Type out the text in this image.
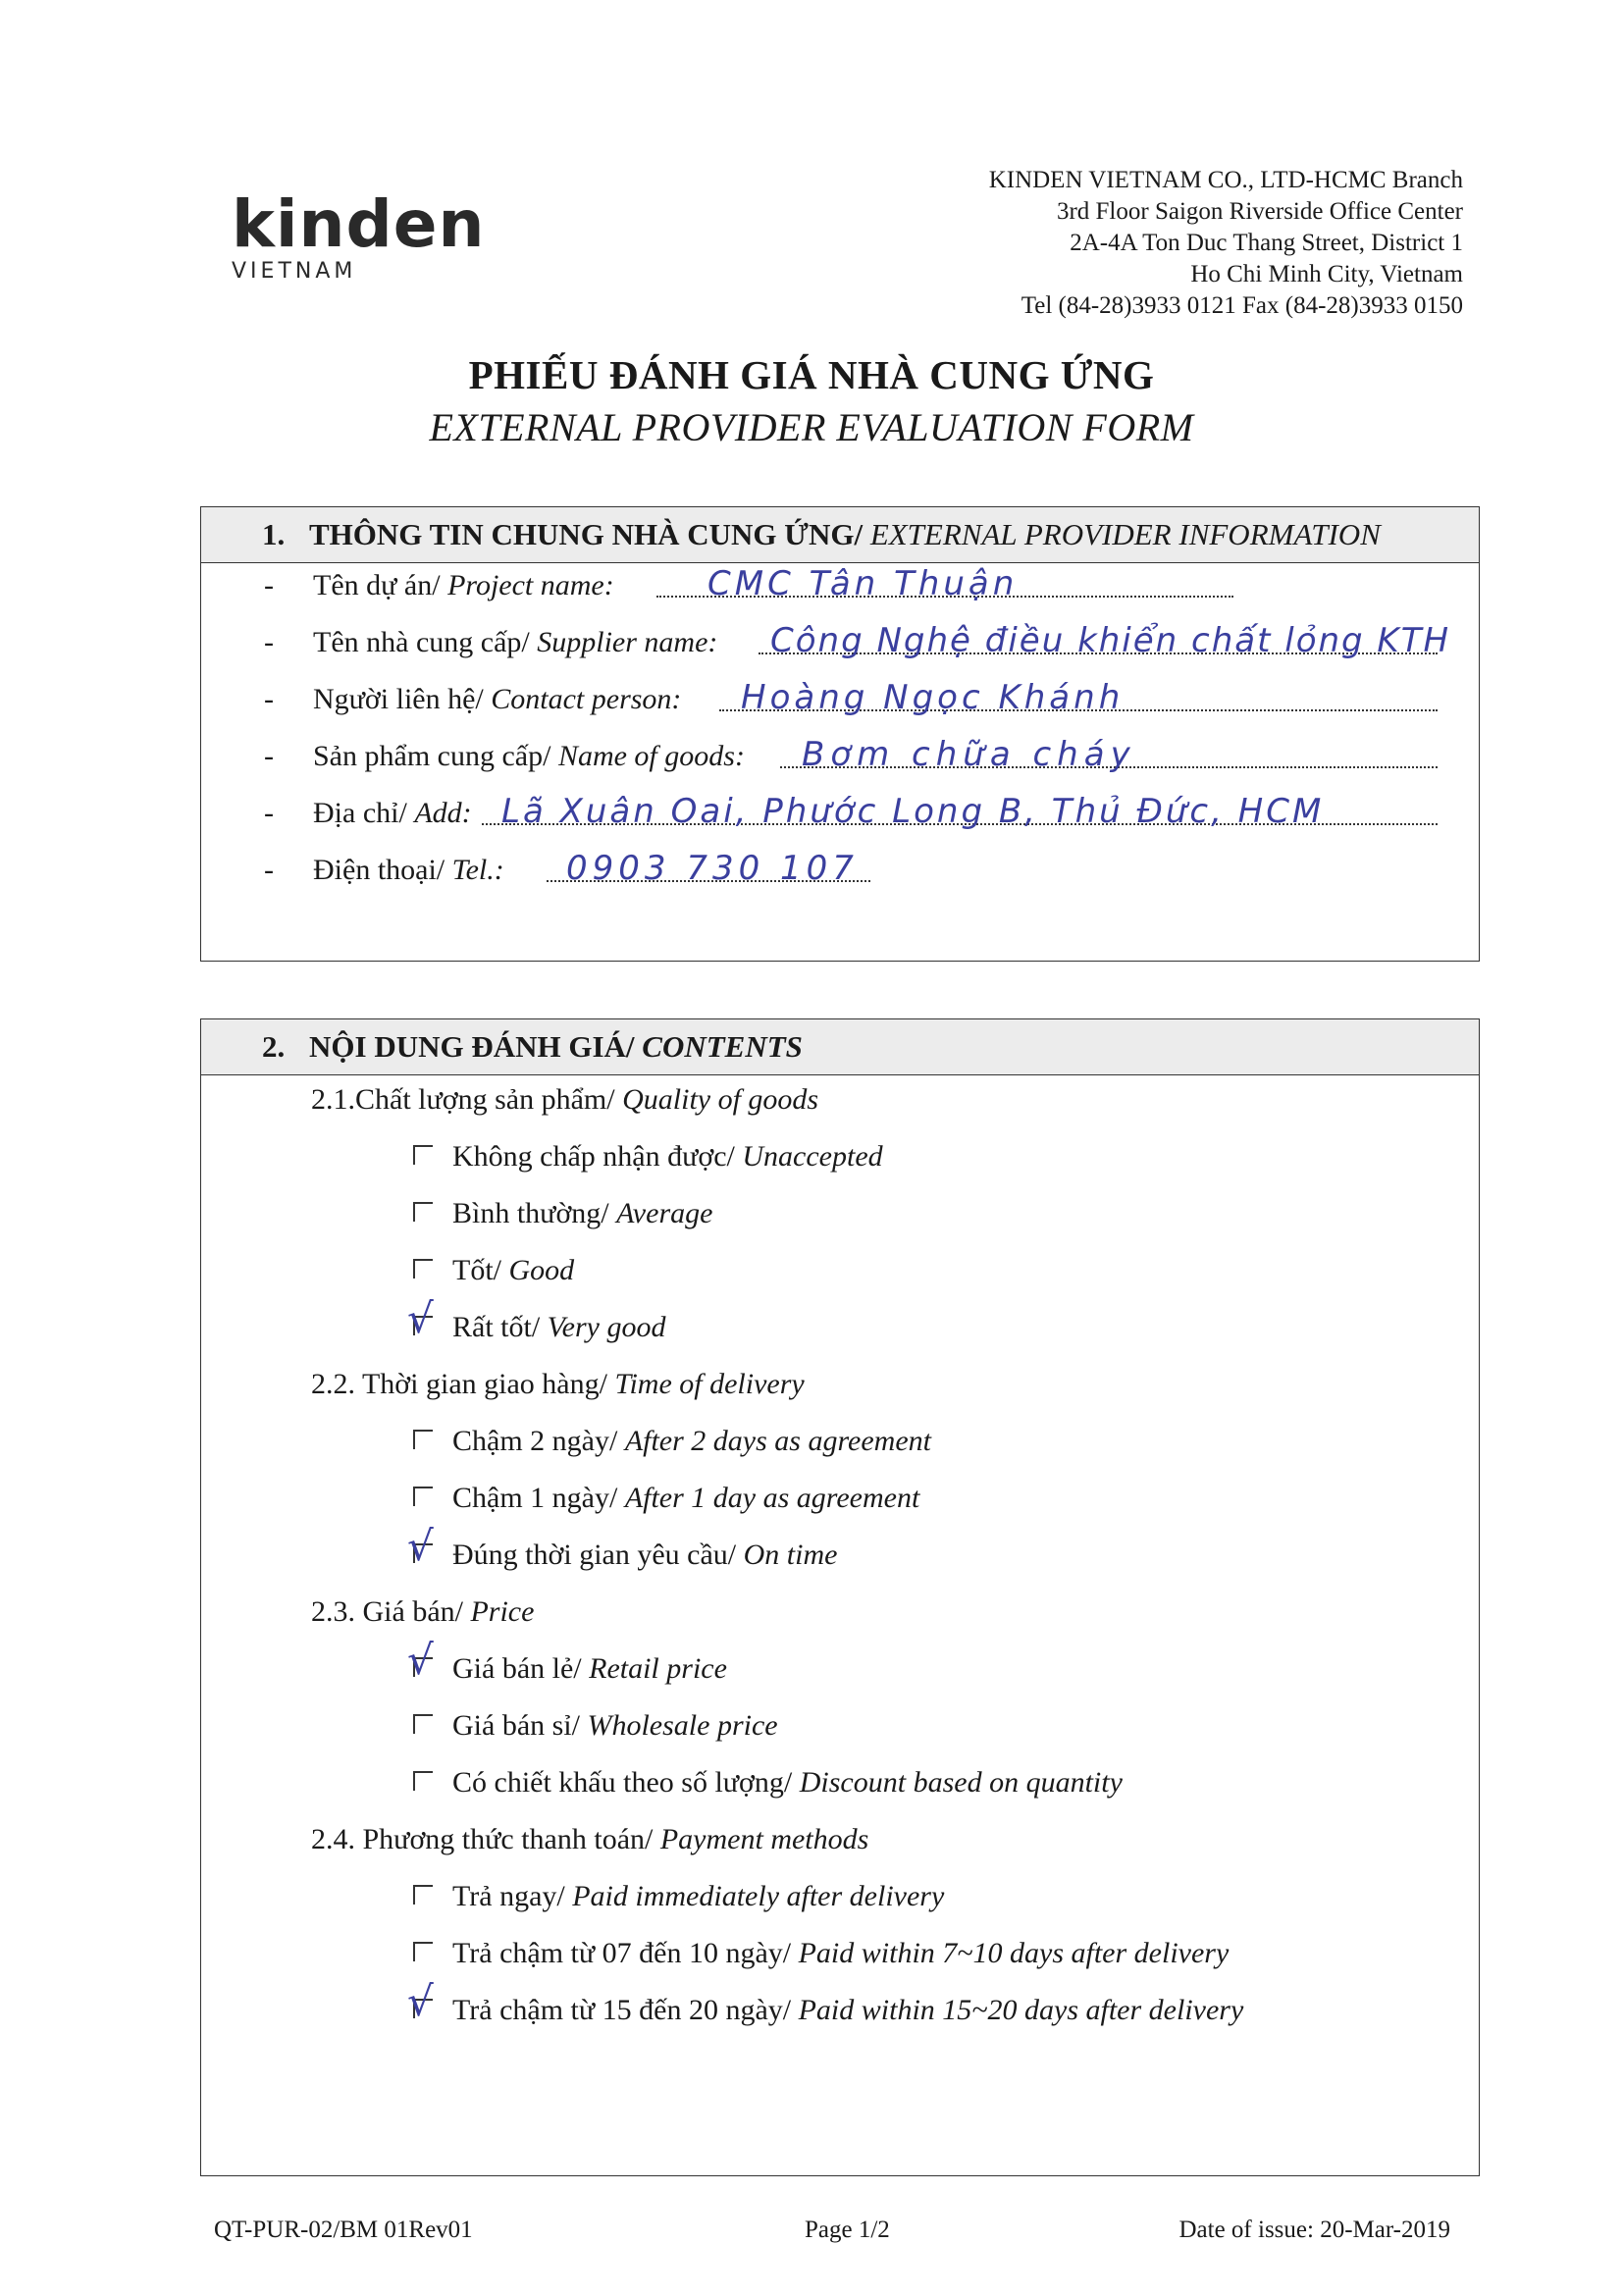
kinden
VIETNAM
KINDEN VIETNAM CO., LTD-HCMC Branch
3rd Floor Saigon Riverside Office Center
2A-4A Ton Duc Thang Street, District 1
Ho Chi Minh City, Vietnam
Tel (84-28)3933 0121 Fax (84-28)3933 0150
PHIẾU ĐÁNH GIÁ NHÀ CUNG ỨNG
EXTERNAL PROVIDER EVALUATION FORM
1. THÔNG TIN CHUNG NHÀ CUNG ỨNG/ EXTERNAL PROVIDER INFORMATION
- Tên dự án/ Project name:	CMC Tân Thuận
- Tên nhà cung cấp/ Supplier name: Công Nghệ điều khiển chất lỏng KTH
- Người liên hệ/ Contact person: Hoàng Ngọc Khánh
- Sản phẩm cung cấp/ Name of goods: Bơm chữa cháy
- Địa chỉ/ Add: Lã Xuân Oai, Phước Long B, Thủ Đức, HCM
- Điện thoại/ Tel.: 0903 730 107
2. NỘI DUNG ĐÁNH GIÁ/ CONTENTS
2.1.Chất lượng sản phẩm/ Quality of goods
Không chấp nhận được/ Unaccepted
Bình thường/ Average
Tốt/ Good
√ Rất tốt/ Very good
2.2. Thời gian giao hàng/ Time of delivery
Chậm 2 ngày/ After 2 days as agreement
Chậm 1 ngày/ After 1 day as agreement
√ Đúng thời gian yêu cầu/ On time
2.3. Giá bán/ Price
√ Giá bán lẻ/ Retail price
Giá bán sỉ/ Wholesale price
Có chiết khấu theo số lượng/ Discount based on quantity
2.4. Phương thức thanh toán/ Payment methods
Trả ngay/ Paid immediately after delivery
Trả chậm từ 07 đến 10 ngày/ Paid within 7~10 days after delivery
√ Trả chậm từ 15 đến 20 ngày/ Paid within 15~20 days after delivery
QT-PUR-02/BM 01Rev01	Page 1/2	Date of issue: 20-Mar-2019
